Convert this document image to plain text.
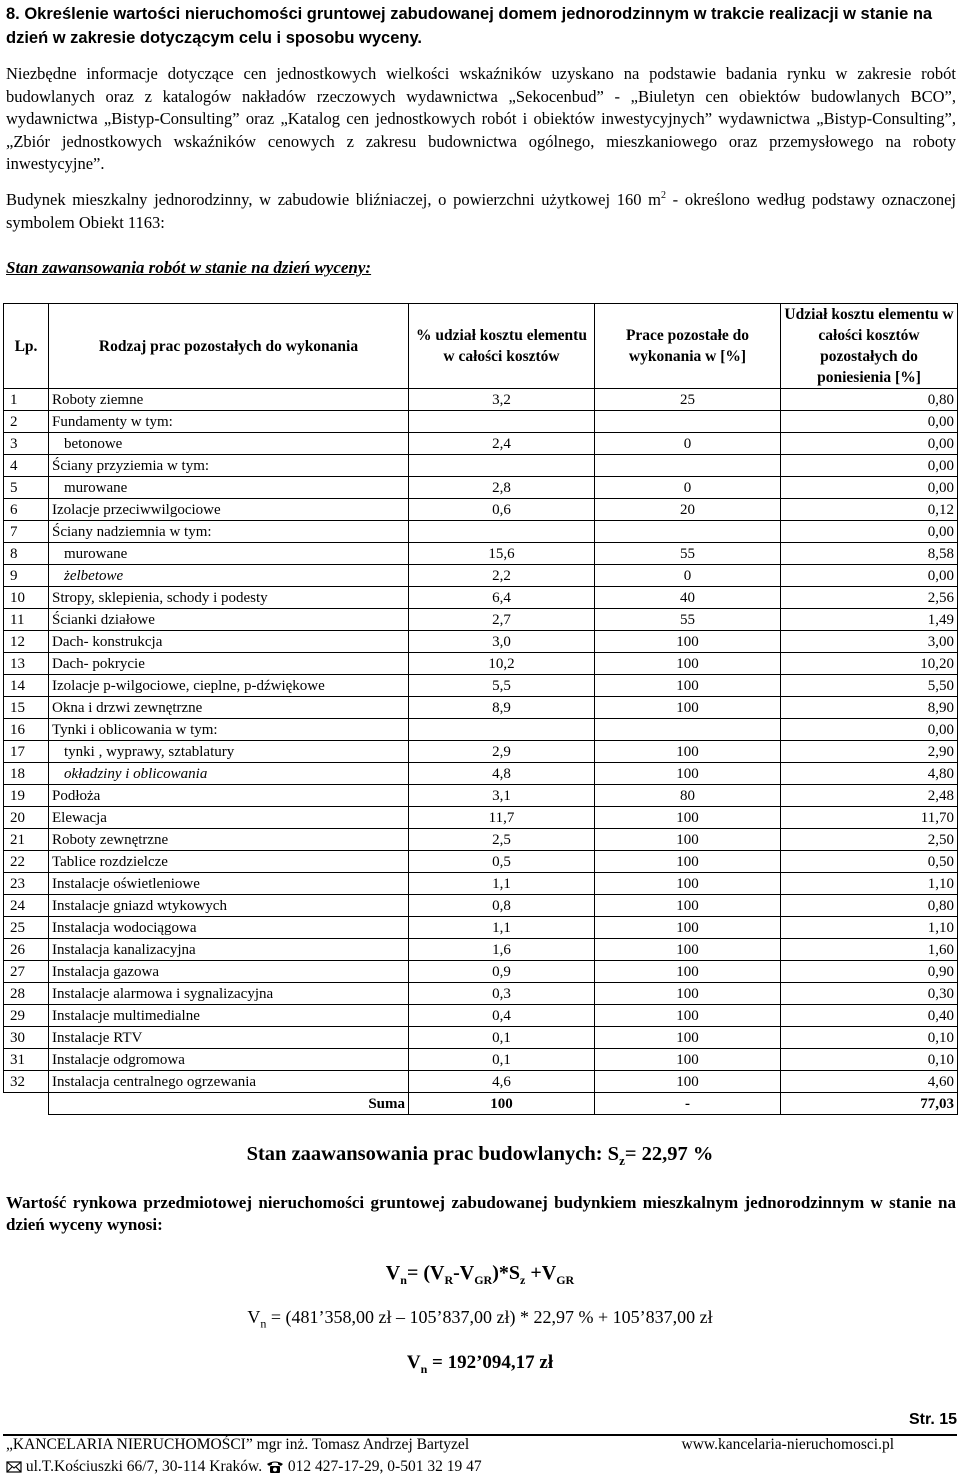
8. Określenie wartości nieruchomości gruntowej zabudowanej domem jednorodzinnym w trakcie realizacji w stanie na dzień w zakresie dotyczącym celu i sposobu wyceny.

Niezbędne informacje dotyczące cen jednostkowych wielkości wskaźników uzyskano na podstawie badania rynku w zakresie robót budowlanych oraz z katalogów nakładów rzeczowych wydawnictwa „Sekocenbud” - „Biuletyn cen obiektów budowlanych BCO”, wydawnictwa „Bistyp-Consulting” oraz „Katalog cen jednostkowych robót i obiektów inwestycyjnych” wydawnictwa „Bistyp-Consulting”, „Zbiór jednostkowych wskaźników cenowych z zakresu budownictwa ogólnego, mieszkaniowego oraz przemysłowego na roboty inwestycyjne”.

Budynek mieszkalny jednorodzinny, w zabudowie bliźniaczej, o powierzchni użytkowej 160 $m^2$ - określono według podstawy oznaczonej symbolem Obiekt 1163:

Stan zawansowania robót w stanie na dzień wyceny:
Lp.	Rodzaj prac pozostałych do wykonania	% udział kosztu elementu w całości kosztów	Prace pozostałe do wykonania w [%]	Udział kosztu elementu w całości kosztów pozostałych do poniesienia [%]
1	Roboty ziemne	3,2	25	0,80
2	Fundamenty w tym:			0,00
3	betonowe	2,4	0	0,00
4	Ściany przyziemia w tym:			0,00
5	murowane	2,8	0	0,00
6	Izolacje przeciwwilgociowe	0,6	20	0,12
7	Ściany nadziemnia w tym:			0,00
8	murowane	15,6	55	8,58
9	żelbetowe	2,2	0	0,00
10	Stropy, sklepienia, schody i podesty	6,4	40	2,56
11	Ścianki działowe	2,7	55	1,49
12	Dach- konstrukcja	3,0	100	3,00
13	Dach- pokrycie	10,2	100	10,20
14	Izolacje p-wilgociowe, cieplne, p-dźwiękowe	5,5	100	5,50
15	Okna i drzwi zewnętrzne	8,9	100	8,90
16	Tynki i oblicowania w tym:			0,00
17	tynki , wyprawy, sztablatury	2,9	100	2,90
18	okładziny i oblicowania	4,8	100	4,80
19	Podłoża	3,1	80	2,48
20	Elewacja	11,7	100	11,70
21	Roboty zewnętrzne	2,5	100	2,50
22	Tablice rozdzielcze	0,5	100	0,50
23	Instalacje oświetleniowe	1,1	100	1,10
24	Instalacje gniazd wtykowych	0,8	100	0,80
25	Instalacja wodociągowa	1,1	100	1,10
26	Instalacja kanalizacyjna	1,6	100	1,60
27	Instalacja gazowa	0,9	100	0,90
28	Instalacje alarmowa i sygnalizacyjna	0,3	100	0,30
29	Instalacje multimedialne	0,4	100	0,40
30	Instalacje RTV	0,1	100	0,10
31	Instalacje odgromowa	0,1	100	0,10
32	Instalacja centralnego ogrzewania	4,6	100	4,60
	Suma	100	-	77,03
Stan zaawansowania prac budowlanych: $S_z= 22,97$ %
Wartość rynkowa przedmiotowej nieruchomości gruntowej zabudowanej budynkiem mieszkalnym jednorodzinnym w stanie na dzień wyceny wynosi:
$V_n= (V_R-V_{GR})*S_z +V_{GR}$
$V_n$ = (481’358,00 zł – 105’837,00 zł) * 22,97 % + 105’837,00 zł
$V_n$ = 192’094,17 zł
Str. 15
„KANCELARIA NIERUCHOMOŚCI” mgr inż. Tomasz Andrzej Bartyzel	www.kancelaria-nieruchomosci.pl
ul.T.Kościuszki 66/7, 30-114 Kraków. 012 427-17-29, 0-501 32 19 47
